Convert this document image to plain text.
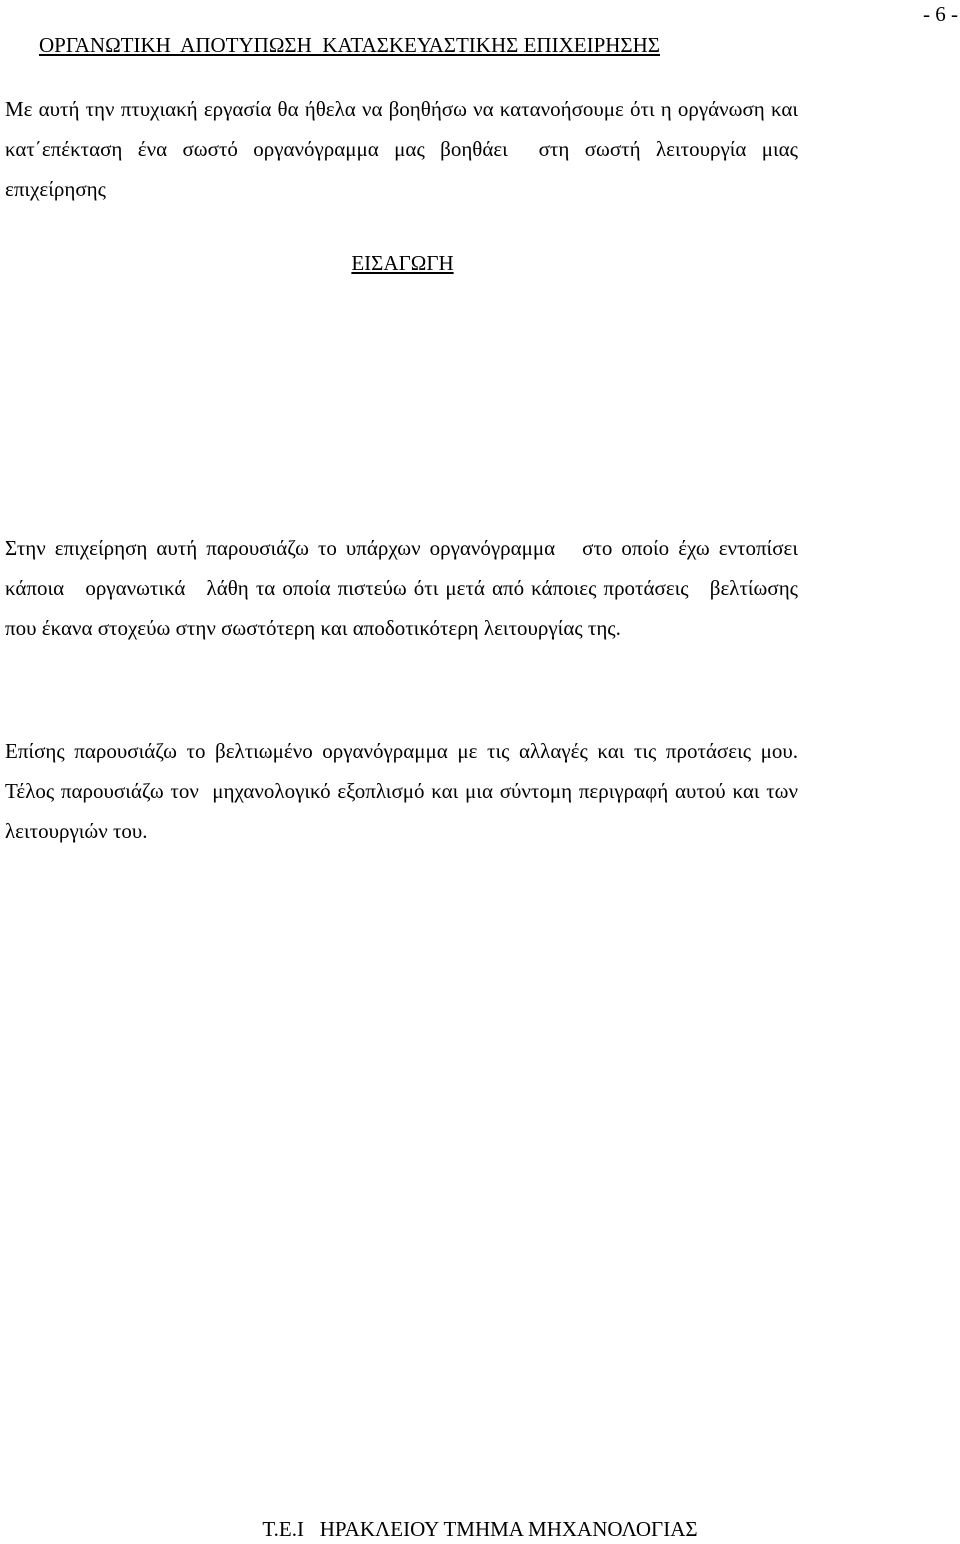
- 6 -
ΟΡΓΑΝΩΤΙΚΗ  ΑΠΟΤΥΠΩΣΗ  ΚΑΤΑΣΚΕΥΑΣΤΙΚΗΣ ΕΠΙΧΕΙΡΗΣΗΣ
ΕΙΣΑΓΩΓΗ

Με αυτή την πτυχιακή εργασία θα ήθελα να βοηθήσω να κατανοήσουμε ότι η οργάνωση και κατ΄επέκταση ένα σωστό οργανόγραμμα μας βοηθάει  στη σωστή λειτουργία μιας επιχείρησης

Στην επιχείρηση αυτή παρουσιάζω το υπάρχων οργανόγραμμα   στο οποίο έχω εντοπίσει κάποια   οργανωτικά   λάθη τα οποία πιστεύω ότι μετά από κάποιες προτάσεις   βελτίωσης που έκανα στοχεύω στην σωστότερη και αποδοτικότερη λειτουργίας της.

Επίσης παρουσιάζω το βελτιωμένο οργανόγραμμα με τις αλλαγές και τις προτάσεις μου. Τέλος παρουσιάζω τον  μηχανολογικό εξοπλισμό και μια σύντομη περιγραφή αυτού και των λειτουργιών του.

Τ.Ε.Ι   ΗΡΑΚΛΕΙΟΥ ΤΜΗΜΑ ΜΗΧΑΝΟΛΟΓΙΑΣ
